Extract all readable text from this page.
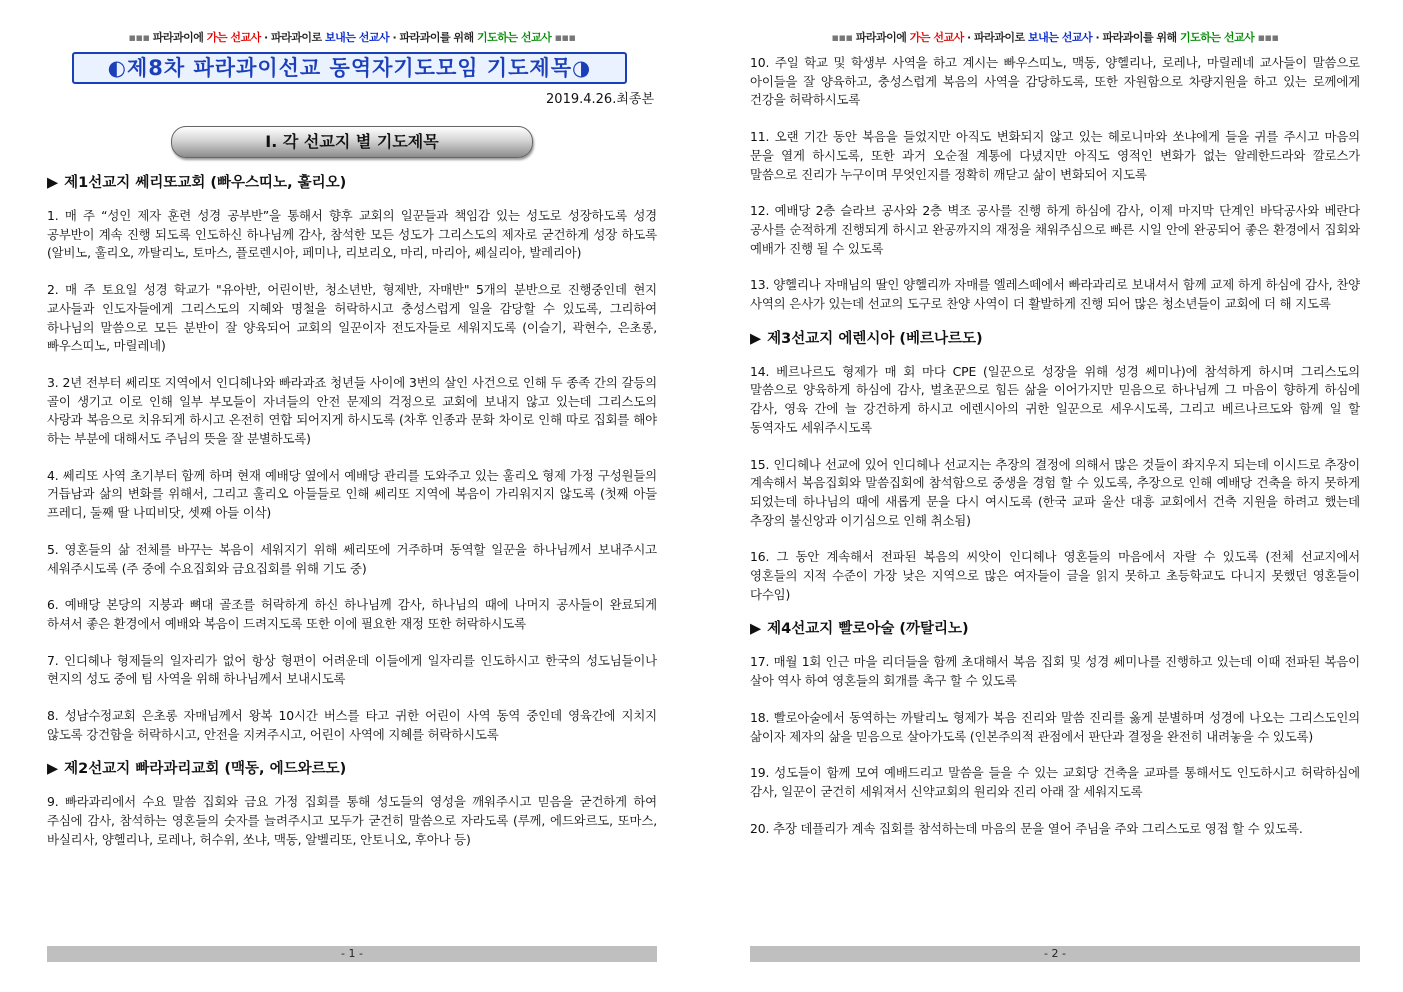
▪▪▪ 파라과이에 가는 선교사 · 파라과이로 보내는 선교사 · 파라과이를 위해 기도하는 선교사 ▪▪▪
◐제8차 파라과이선교 동역자기도모임 기도제목◑
2019.4.26.최종본
Ⅰ. 각 선교지 별 기도제목

▶ 제1선교지 쎄리또교회 (빠우스띠노, 훌리오)

1. 매 주 “성인 제자 훈련 성경 공부반”을 통해서 향후 교회의 일꾼들과 책임감 있는 성도로 성장하도록 성경 공부반이 계속 진행 되도록 인도하신 하나님께 감사, 참석한 모든 성도가 그리스도의 제자로 굳건하게 성장 하도록 (알비노, 훌리오, 까탈리노, 토마스, 플로렌시아, 페미나, 리보리오, 마리, 마리아, 쎄실리아, 발레리아)

2. 매 주 토요일 성경 학교가 "유아반, 어린이반, 청소년반, 형제반, 자매반" 5개의 분반으로 진행중인데 현지 교사들과 인도자들에게 그리스도의 지혜와 명철을 허락하시고 충성스럽게 일을 감당할 수 있도록, 그리하여 하나님의 말씀으로 모든 분반이 잘 양육되어 교회의 일꾼이자 전도자들로 세워지도록 (이슬기, 곽현수, 은초롱, 빠우스띠노, 마릴레네)

3. 2년 전부터 쎄리또 지역에서 인디헤나와 빠라과죠 청년들 사이에 3번의 살인 사건으로 인해 두 종족 간의 갈등의 골이 생기고 이로 인해 일부 부모들이 자녀들의 안전 문제의 걱정으로 교회에 보내지 않고 있는데 그리스도의 사랑과 복음으로 치유되게 하시고 온전히 연합 되어지게 하시도록 (차후 인종과 문화 차이로 인해 따로 집회를 해야 하는 부분에 대해서도 주님의 뜻을 잘 분별하도록)

4. 쎄리또 사역 초기부터 함께 하며 현재 예배당 옆에서 예배당 관리를 도와주고 있는 훌리오 형제 가정 구성원들의 거듭남과 삶의 변화를 위해서, 그리고 훌리오 아들들로 인해 쎄리또 지역에 복음이 가리워지지 않도록 (첫째 아들 프레디, 둘째 딸 나띠비닷, 셋째 아들 이삭)

5. 영혼들의 삶 전체를 바꾸는 복음이 세워지기 위해 쎄리또에 거주하며 동역할 일꾼을 하나님께서 보내주시고 세워주시도록 (주 중에 수요집회와 금요집회를 위해 기도 중)

6. 예배당 본당의 지붕과 뼈대 골조를 허락하게 하신 하나님께 감사, 하나님의 때에 나머지 공사들이 완료되게 하셔서 좋은 환경에서 예배와 복음이 드려지도록 또한 이에 필요한 재정 또한 허락하시도록

7. 인디헤나 형제들의 일자리가 없어 항상 형편이 어려운데 이들에게 일자리를 인도하시고 한국의 성도님들이나 현지의 성도 중에 팀 사역을 위해 하나님께서 보내시도록

8. 성남수정교회 은초롱 자매님께서 왕복 10시간 버스를 타고 귀한 어린이 사역 동역 중인데 영육간에 지치지 않도록 강건함을 허락하시고, 안전을 지켜주시고, 어린이 사역에 지혜를 허락하시도록

▶ 제2선교지 빠라과리교회 (맥동, 에드와르도)

9. 빠라과리에서 수요 말씀 집회와 금요 가정 집회를 통해 성도들의 영성을 깨워주시고 믿음을 굳건하게 하여 주심에 감사, 참석하는 영혼들의 숫자를 늘려주시고 모두가 굳건히 말씀으로 자라도록 (루께, 에드와르도, 또마스, 바실리사, 양헬리나, 로레나, 허수위, 쏘냐, 맥동, 알벨리또, 안토니오, 후아나 등)

- 1 -
▪▪▪ 파라과이에 가는 선교사 · 파라과이로 보내는 선교사 · 파라과이를 위해 기도하는 선교사 ▪▪▪

10. 주일 학교 및 학생부 사역을 하고 계시는 빠우스띠노, 맥동, 양헬리나, 로레나, 마릴레네 교사들이 말씀으로 아이들을 잘 양육하고, 충성스럽게 복음의 사역을 감당하도록, 또한 자원함으로 차량지원을 하고 있는 로께에게 건강을 허락하시도록

11. 오랜 기간 동안 복음을 들었지만 아직도 변화되지 않고 있는 헤로니마와 쏘냐에게 들을 귀를 주시고 마음의 문을 열게 하시도록, 또한 과거 오순절 계통에 다녔지만 아직도 영적인 변화가 없는 알레한드라와 깔로스가 말씀으로 진리가 누구이며 무엇인지를 정확히 깨닫고 삶이 변화되어 지도록

12. 예배당 2층 슬라브 공사와 2층 벽조 공사를 진행 하게 하심에 감사, 이제 마지막 단계인 바닥공사와 베란다 공사를 순적하게 진행되게 하시고 완공까지의 재정을 채워주심으로 빠른 시일 안에 완공되어 좋은 환경에서 집회와 예배가 진행 될 수 있도록

13. 양헬리나 자매님의 딸인 양헬리까 자매를 엘레스떼에서 빠라과리로 보내셔서 함께 교제 하게 하심에 감사, 찬양 사역의 은사가 있는데 선교의 도구로 찬양 사역이 더 활발하게 진행 되어 많은 청소년들이 교회에 더 해 지도록

▶ 제3선교지 에렌시아 (베르나르도)

14. 베르나르도 형제가 매 회 마다 CPE (일꾼으로 성장을 위해 성경 쎄미나)에 참석하게 하시며 그리스도의 말씀으로 양육하게 하심에 감사, 벌초꾼으로 힘든 삶을 이어가지만 믿음으로 하나님께 그 마음이 향하게 하심에 감사, 영육 간에 늘 강건하게 하시고 에렌시아의 귀한 일꾼으로 세우시도록, 그리고 베르나르도와 함께 일 할 동역자도 세워주시도록

15. 인디헤나 선교에 있어 인디헤나 선교지는 추장의 결정에 의해서 많은 것들이 좌지우지 되는데 이시드로 추장이 계속해서 복음집회와 말씀집회에 참석함으로 중생을 경험 할 수 있도록, 추장으로 인해 예배당 건축을 하지 못하게 되었는데 하나님의 때에 새롭게 문을 다시 여시도록 (한국 교파 울산 대흥 교회에서 건축 지원을 하려고 했는데 추장의 불신앙과 이기심으로 인해 취소됨)

16. 그 동안 계속해서 전파된 복음의 씨앗이 인디헤나 영혼들의 마음에서 자랄 수 있도록 (전체 선교지에서 영혼들의 지적 수준이 가장 낮은 지역으로 많은 여자들이 글을 읽지 못하고 초등학교도 다니지 못했던 영혼들이 다수임)

▶ 제4선교지 빨로아술 (까탈리노)

17. 매월 1회 인근 마을 리더들을 함께 초대해서 복음 집회 및 성경 쎄미나를 진행하고 있는데 이때 전파된 복음이 살아 역사 하여 영혼들의 회개를 촉구 할 수 있도록

18. 빨로아술에서 동역하는 까탈리노 형제가 복음 진리와 말씀 진리를 옳게 분별하며 성경에 나오는 그리스도인의 삶이자 제자의 삶을 믿음으로 살아가도록 (인본주의적 관점에서 판단과 결정을 완전히 내려놓을 수 있도록)

19. 성도들이 함께 모여 예배드리고 말씀을 들을 수 있는 교회당 건축을 교파를 통해서도 인도하시고 허락하심에 감사, 일꾼이 굳건히 세워져서 신약교회의 원리와 진리 아래 잘 세워지도록

20. 추장 데플리가 계속 집회를 참석하는데 마음의 문을 열어 주님을 주와 그리스도로 영접 할 수 있도록.

- 2 -
